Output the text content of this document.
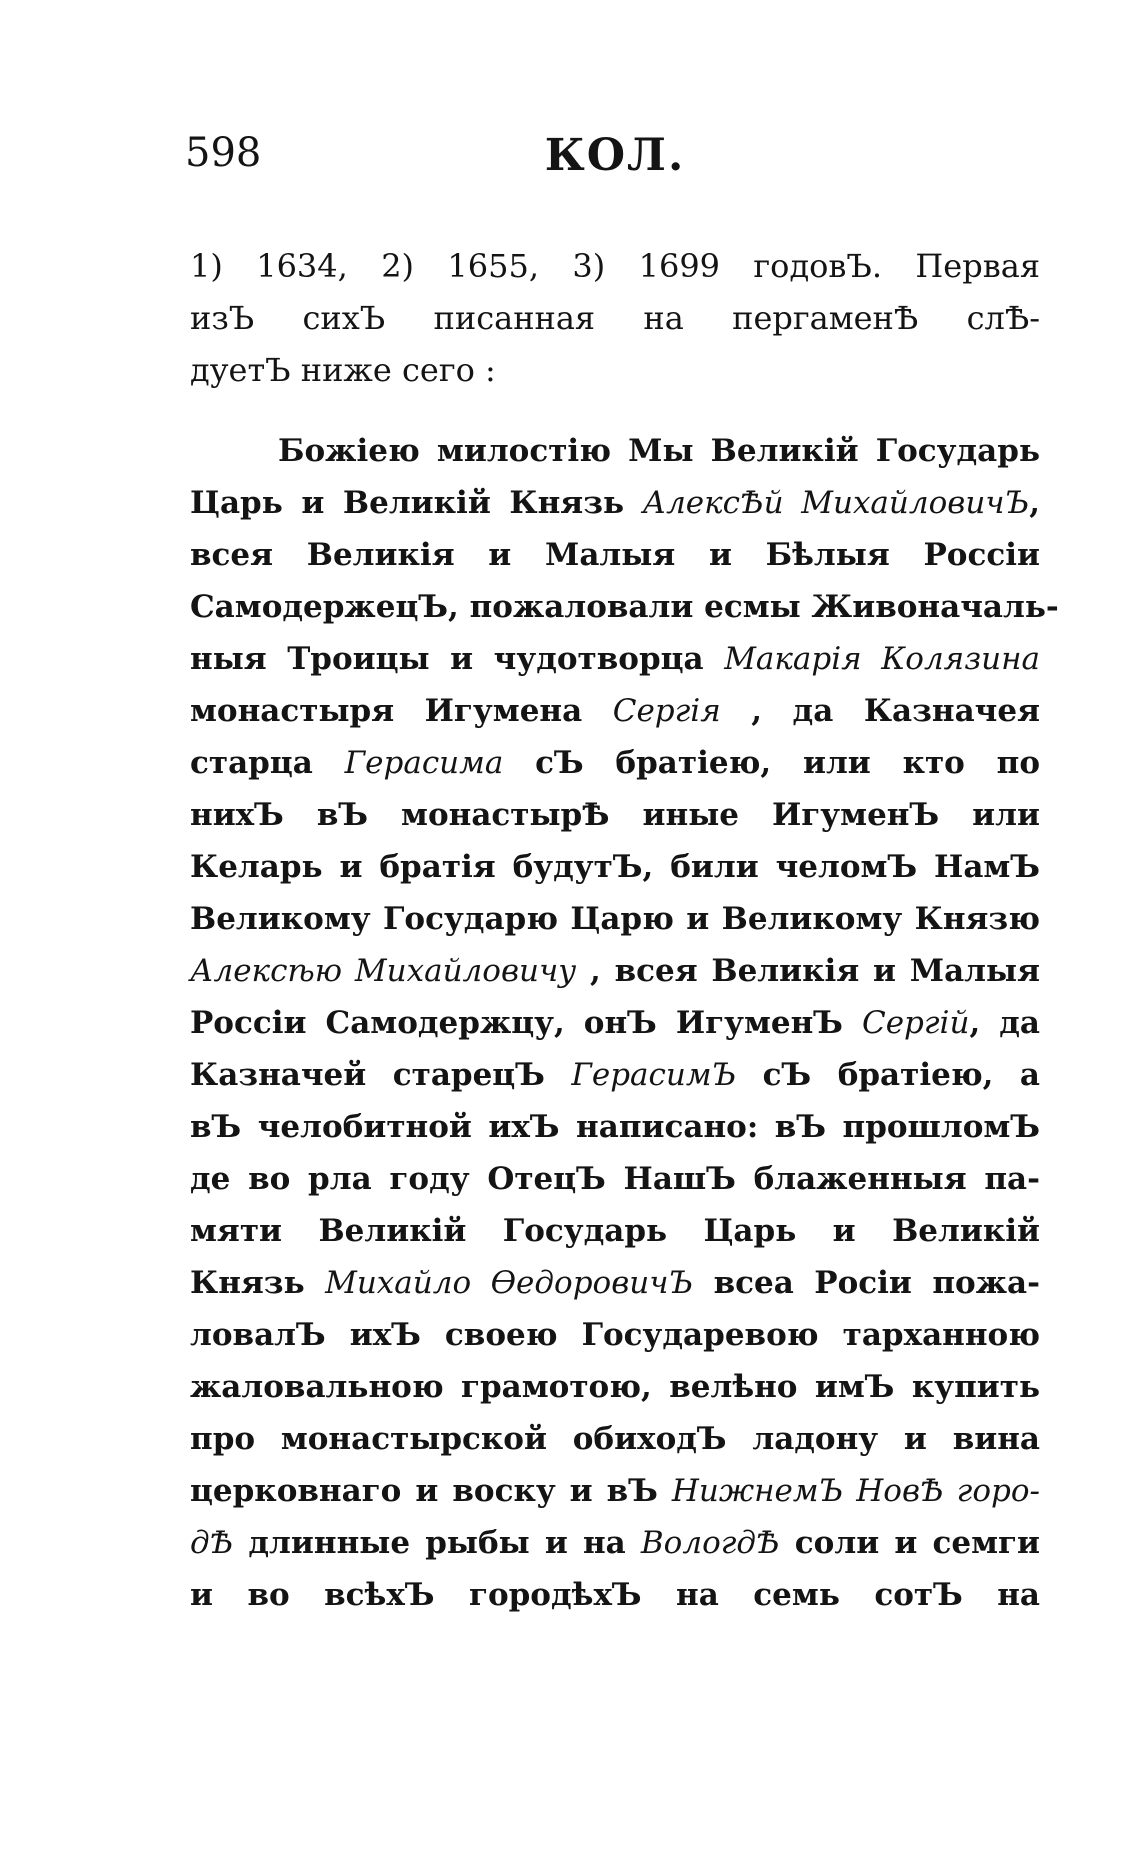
598	КОЛ.
1) 1634, 2) 1655, 3) 1699 годовЪ. Первая
изЪ сихЪ писанная на пергаменѢ слѢ-
дуетЪ ниже сего :
Божіею милостію Мы Великій Государь
Царь и Великій Князь АлексѢй МихайловичЪ,
всея Великія и Малыя и Бѣлыя Россіи
СамодержецЪ, пожаловали есмы Живоначаль-
ныя Троицы и чудотворца Макарія Колязина
монастыря Игумена Сергія , да Казначея
старца Герасима сЪ братіею, или кто по
нихЪ вЪ монастырѢ иные ИгуменЪ или
Келарь и братія будутЪ, били челомЪ НамЪ
Великому Государю Царю и Великому Князю
Алексѣю Михайловичу , всея Великія и Малыя
Россіи Самодержцу, онЪ ИгуменЪ Сергій, да
Казначей старецЪ ГерасимЪ сЪ братіею, а
вЪ челобитной ихЪ написано: вЪ прошломЪ
де во рла году ОтецЪ НашЪ блаженныя па-
мяти Великій Государь Царь и Великій
Князь Михайло ѲедоровичЪ всеа Росіи пожа-
ловалЪ ихЪ своею Государевою тарханною
жаловальною грамотою, велѣно имЪ купить
про монастырской обиходЪ ладону и вина
церковнаго и воску и вЪ НижнемЪ НовѢ горо-
дѢ длинные рыбы и на ВологдѢ соли и семги
и во всѣхЪ городѣхЪ на семь сотЪ на
